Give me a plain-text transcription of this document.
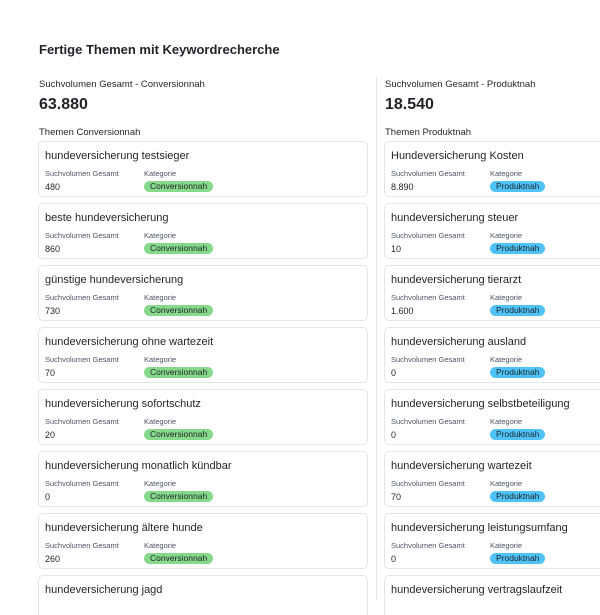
Fertige Themen mit Keywordrecherche
Suchvolumen Gesamt - Conversionnah
63.880
Themen Conversionnah
hundeversicherung testsieger
Suchvolumen Gesamt	Kategorie
480	Conversionnah
beste hundeversicherung
Suchvolumen Gesamt	Kategorie
860	Conversionnah
günstige hundeversicherung
Suchvolumen Gesamt	Kategorie
730	Conversionnah
hundeversicherung ohne wartezeit
Suchvolumen Gesamt	Kategorie
70	Conversionnah
hundeversicherung sofortschutz
Suchvolumen Gesamt	Kategorie
20	Conversionnah
hundeversicherung monatlich kündbar
Suchvolumen Gesamt	Kategorie
0	Conversionnah
hundeversicherung ältere hunde
Suchvolumen Gesamt	Kategorie
260	Conversionnah
hundeversicherung jagd
Suchvolumen Gesamt - Produktnah
18.540
Themen Produktnah
Hundeversicherung Kosten
Suchvolumen Gesamt	Kategorie
8.890	Produktnah
hundeversicherung steuer
Suchvolumen Gesamt	Kategorie
10	Produktnah
hundeversicherung tierarzt
Suchvolumen Gesamt	Kategorie
1.600	Produktnah
hundeversicherung ausland
Suchvolumen Gesamt	Kategorie
0	Produktnah
hundeversicherung selbstbeteiligung
Suchvolumen Gesamt	Kategorie
0	Produktnah
hundeversicherung wartezeit
Suchvolumen Gesamt	Kategorie
70	Produktnah
hundeversicherung leistungsumfang
Suchvolumen Gesamt	Kategorie
0	Produktnah
hundeversicherung vertragslaufzeit
